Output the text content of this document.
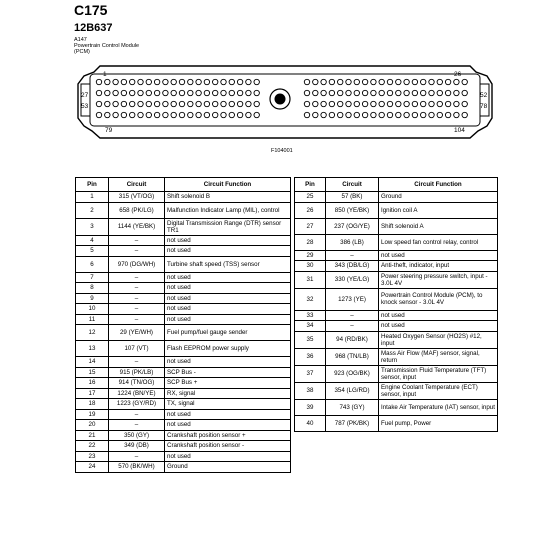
C175
12B637
A147
Powertrain Control Module
(PCM)
1	26
27	52
53	78
79	104
F104001
Pin	Circuit	Circuit Function
1	315 (VT/OG)	Shift solenoid B
2	658 (PK/LG)	Malfunction Indicator Lamp (MIL), control
3	1144 (YE/BK)	Digital Transmission Range (DTR) sensor TR1
4	–	not used
5	–	not used
6	970 (DG/WH)	Turbine shaft speed (TSS) sensor
7	–	not used
8	–	not used
9	–	not used
10	–	not used
11	–	not used
12	29 (YE/WH)	Fuel pump/fuel gauge sender
13	107 (VT)	Flash EEPROM power supply
14	–	not used
15	915 (PK/LB)	SCP Bus -
16	914 (TN/OG)	SCP Bus +
17	1224 (BN/YE)	RX, signal
18	1223 (GY/RD)	TX, signal
19	–	not used
20	–	not used
21	350 (GY)	Crankshaft position sensor +
22	349 (DB)	Crankshaft position sensor -
23	–	not used
24	570 (BK/WH)	Ground
Pin	Circuit	Circuit Function
25	57 (BK)	Ground
26	850 (YE/BK)	Ignition coil A
27	237 (OG/YE)	Shift solenoid A
28	386 (LB)	Low speed fan control relay, control
29	–	not used
30	343 (DB/LG)	Anti-theft, indicator, input
31	330 (YE/LG)	Power steering pressure switch, input - 3.0L 4V
32	1273 (YE)	Powertrain Control Module (PCM), to knock sensor - 3.0L 4V
33	–	not used
34	–	not used
35	94 (RD/BK)	Heated Oxygen Sensor (HO2S) #12, input
36	968 (TN/LB)	Mass Air Flow (MAF) sensor, signal, return
37	923 (OG/BK)	Transmission Fluid Temperature (TFT) sensor, input
38	354 (LG/RD)	Engine Coolant Temperature (ECT) sensor, input
39	743 (GY)	Intake Air Temperature (IAT) sensor, input
40	787 (PK/BK)	Fuel pump, Power
